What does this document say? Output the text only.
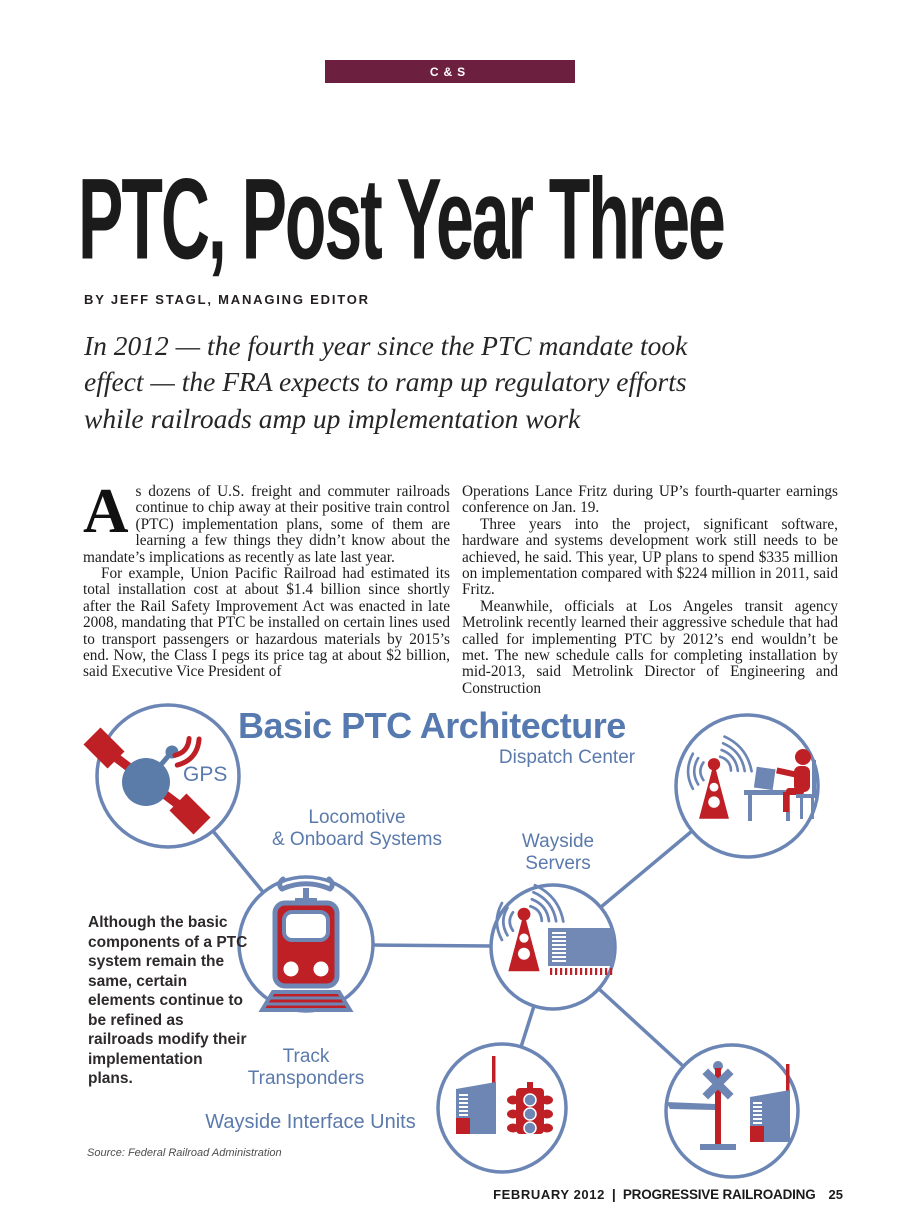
C&S
PTC, Post Year Three
BY JEFF STAGL, MANAGING EDITOR
In 2012 — the fourth year since the PTC mandate took effect — the FRA expects to ramp up regulatory efforts while railroads amp up implementation work

As dozens of U.S. freight and commuter railroads continue to chip away at their positive train control (PTC) implementation plans, some of them are learning a few things they didn’t know about the mandate’s implications as recently as late last year.

For example, Union Pacific Railroad had estimated its total installation cost at about $1.4 billion since shortly after the Rail Safety Improvement Act was enacted in late 2008, mandating that PTC be installed on certain lines used to transport passengers or hazardous materials by 2015’s end. Now, the Class I pegs its price tag at about $2 billion, said Executive Vice President of

Operations Lance Fritz during UP’s fourth-quarter earnings conference on Jan. 19.

Three years into the project, significant software, hardware and systems development work still needs to be achieved, he said. This year, UP plans to spend $335 million on implementation compared with $224 million in 2011, said Fritz.

Meanwhile, officials at Los Angeles transit agency Metrolink recently learned their aggressive schedule that had called for implementing PTC by 2012’s end wouldn’t be met. The new schedule calls for completing installation by mid-2013, said Metrolink Director of Engineering and Construction

Basic PTC Architecture
Dispatch Center
GPS
Locomotive
& Onboard Systems	Wayside
Servers
Track
Transponders
Wayside Interface Units
Although the basic components of a PTC system remain the same, certain elements continue to be refined as railroads modify their implementation plans.
Source: Federal Railroad Administration
FEBRUARY 2012 | PROGRESSIVE RAILROADING 25
